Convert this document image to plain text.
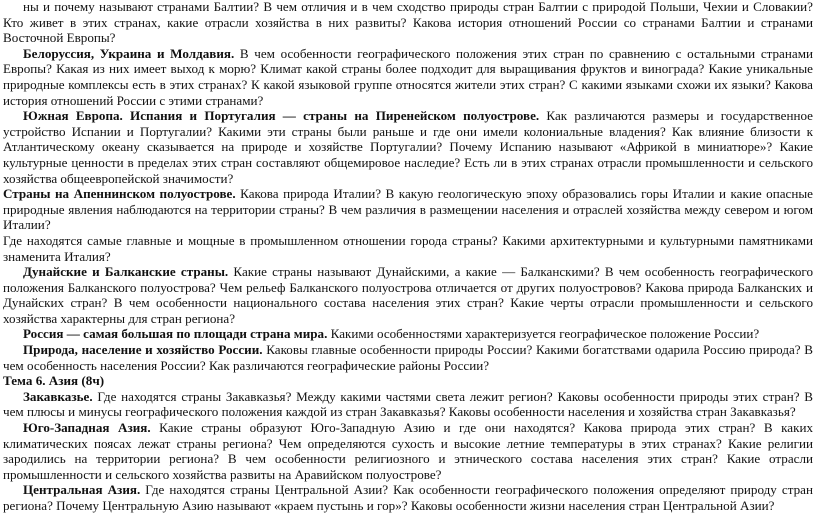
ны и почему называют странами Балтии? В чем отличия и в чем сходство природы стран Балтии с природой Польши, Чехии и Словакии? Кто живет в этих странах, какие отрасли хозяйства в них развиты? Какова история отношений России со странами Балтии и странами Восточной Европы?

Белоруссия, Украина и Молдавия. В чем особенности географического положения этих стран по сравнению с остальными странами Европы? Какая из них имеет выход к морю? Климат какой страны более подходит для выращивания фруктов и винограда? Какие уникальные природные комплексы есть в этих странах? К какой языковой группе относятся жители этих стран? С какими языками схожи их языки? Какова история отношений России с этими странами?

Южная Европа. Испания и Португалия — страны на Пиренейском полуострове. Как различаются размеры и государственное устройство Испании и Португалии? Какими эти страны были раньше и где они имели колониальные владения? Как влияние близости к Атлантическому океану сказывается на природе и хозяйстве Португалии? Почему Испанию называют «Африкой в миниатюре»? Какие культурные ценности в пределах этих стран составляют общемировое наследие? Есть ли в этих странах отрасли промышленности и сельского хозяйства общеевропейской значимости?

Страны на Апеннинском полуострове. Какова природа Италии? В какую геологическую эпоху образовались горы Италии и какие опасные природные явления наблюдаются на территории страны? В чем различия в размещении населения и отраслей хозяйства между севером и югом Италии?

Где находятся самые главные и мощные в промышленном отношении города страны? Какими архитектурными и культурными памятниками знаменита Италия?

Дунайские и Балканские страны. Какие страны называют Дунайскими, а какие — Балканскими? В чем особенность географического положения Балканского полуострова? Чем рельеф Балканского полуострова отличается от других полуостровов? Какова природа Балканских и Дунайских стран? В чем особенности национального состава населения этих стран? Какие черты отрасли промышленности и сельского хозяйства характерны для стран региона?

Россия — самая большая по площади страна мира. Какими особенностями характеризуется географическое положение России?

Природа, население и хозяйство России. Каковы главные особенности природы России? Какими богатствами одарила Россию природа? В чем особенность населения России? Как различаются географические районы России?

Тема 6. Азия (8ч)

Закавказье. Где находятся страны Закавказья? Между какими частями света лежит регион? Каковы особенности природы этих стран? В чем плюсы и минусы географического положения каждой из стран Закавказья? Каковы особенности населения и хозяйства стран Закавказья?

Юго-Западная Азия. Какие страны образуют Юго-Западную Азию и где они находятся? Какова природа этих стран? В каких климатических поясах лежат страны региона? Чем определяются сухость и высокие летние температуры в этих странах? Какие религии зародились на территории региона? В чем особенности религиозного и этнического состава населения этих стран? Какие отрасли промышленности и сельского хозяйства развиты на Аравийском полуострове?

Центральная Азия. Где находятся страны Центральной Азии? Как особенности географического положения определяют природу стран региона? Почему Центральную Азию называют «краем пустынь и гор»? Каковы особенности жизни населения стран Центральной Азии?
